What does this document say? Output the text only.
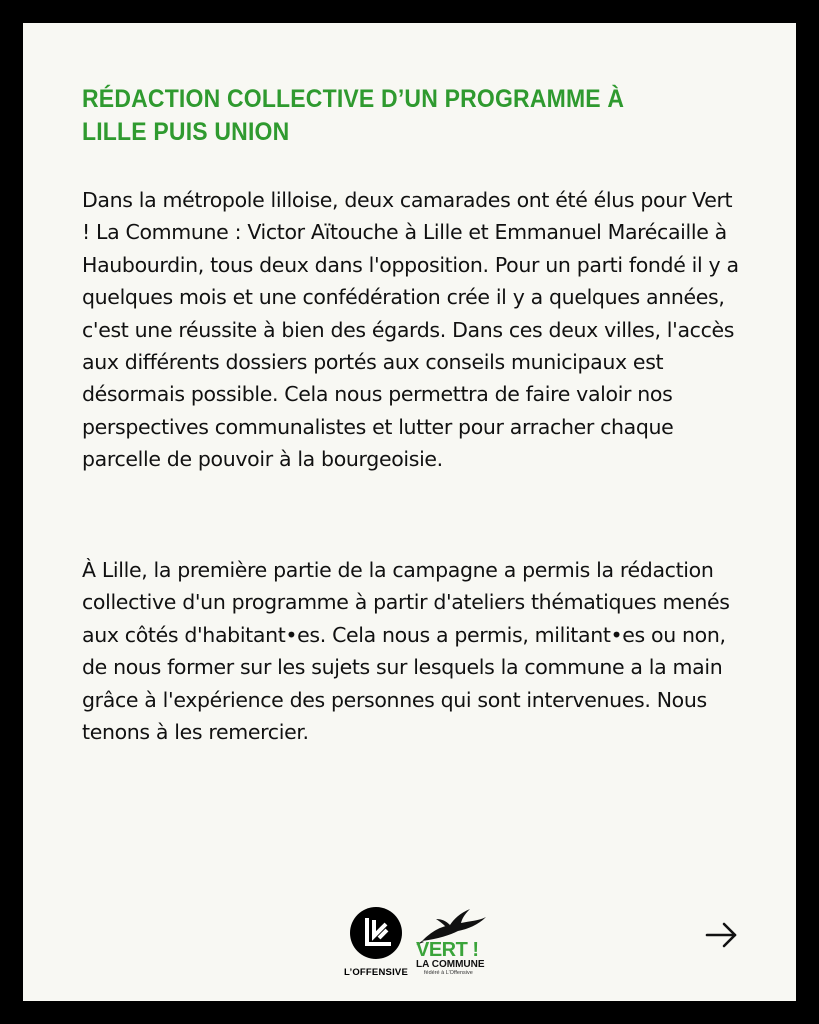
RÉDACTION COLLECTIVE D’UN PROGRAMME À LILLE PUIS UNION

Dans la métropole lilloise, deux camarades ont été élus pour Vert ! La Commune : Victor Aïtouche à Lille et Emmanuel Marécaille à Haubourdin, tous deux dans l'opposition. Pour un parti fondé il y a quelques mois et une confédération crée il y a quelques années, c'est une réussite à bien des égards. Dans ces deux villes, l'accès aux différents dossiers portés aux conseils municipaux est désormais possible. Cela nous permettra de faire valoir nos perspectives communalistes et lutter pour arracher chaque parcelle de pouvoir à la bourgeoisie.

À Lille, la première partie de la campagne a permis la rédaction collective d'un programme à partir d'ateliers thématiques menés aux côtés d'habitant•es. Cela nous a permis, militant•es ou non, de nous former sur les sujets sur lesquels la commune a la main grâce à l'expérience des personnes qui sont intervenues. Nous tenons à les remercier.

L’OFFENSIVE
VERT !
LA COMMUNE
fédéré à L’Offensive
